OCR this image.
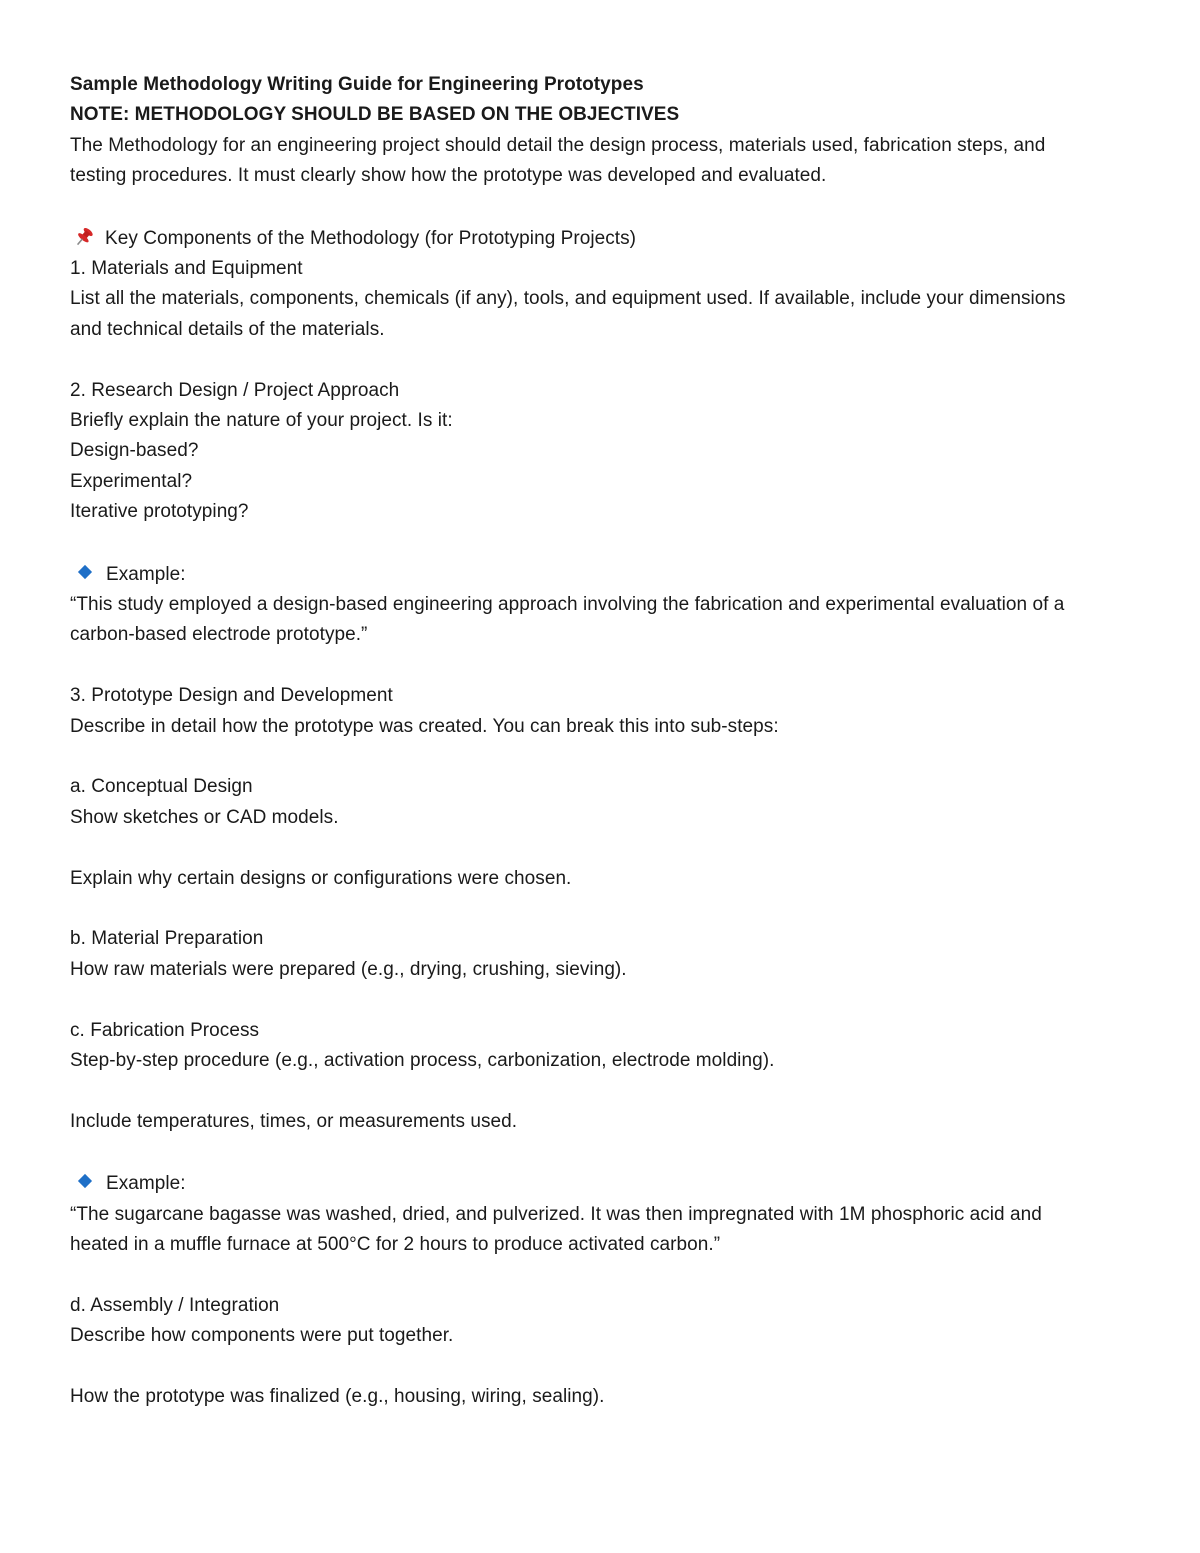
Sample Methodology Writing Guide for Engineering Prototypes
NOTE: METHODOLOGY SHOULD BE BASED ON THE OBJECTIVES
The Methodology for an engineering project should detail the design process, materials used, fabrication steps, and
testing procedures. It must clearly show how the prototype was developed and evaluated.
Key Components of the Methodology (for Prototyping Projects)
1. Materials and Equipment
List all the materials, components, chemicals (if any), tools, and equipment used. If available, include your dimensions
and technical details of the materials.
2. Research Design / Project Approach
Briefly explain the nature of your project. Is it:
Design-based?
Experimental?
Iterative prototyping?
Example:
“This study employed a design-based engineering approach involving the fabrication and experimental evaluation of a
carbon-based electrode prototype.”
3. Prototype Design and Development
Describe in detail how the prototype was created. You can break this into sub-steps:
a. Conceptual Design
Show sketches or CAD models.
Explain why certain designs or configurations were chosen.
b. Material Preparation
How raw materials were prepared (e.g., drying, crushing, sieving).
c. Fabrication Process
Step-by-step procedure (e.g., activation process, carbonization, electrode molding).
Include temperatures, times, or measurements used.
Example:
“The sugarcane bagasse was washed, dried, and pulverized. It was then impregnated with 1M phosphoric acid and
heated in a muffle furnace at 500°C for 2 hours to produce activated carbon.”
d. Assembly / Integration
Describe how components were put together.
How the prototype was finalized (e.g., housing, wiring, sealing).
